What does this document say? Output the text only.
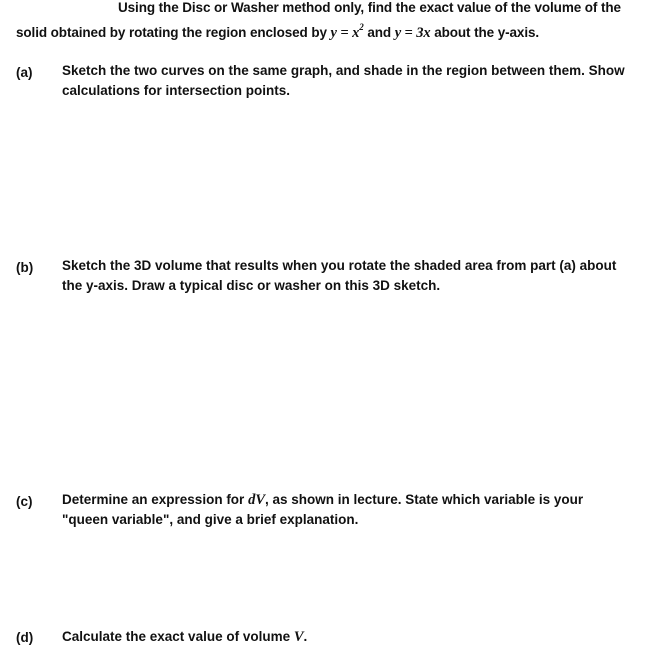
Using the Disc or Washer method only, find the exact value of the volume of the
solid obtained by rotating the region enclosed by $y = x^2$ and y = 3x about the y-axis.
(a) Sketch the two curves on the same graph, and shade in the region between them. Show
calculations for intersection points.
(b) Sketch the 3D volume that results when you rotate the shaded area from part (a) about
the y-axis. Draw a typical disc or washer on this 3D sketch.
(c) Determine an expression for dV, as shown in lecture. State which variable is your
"queen variable", and give a brief explanation.
(d) Calculate the exact value of volume V.
